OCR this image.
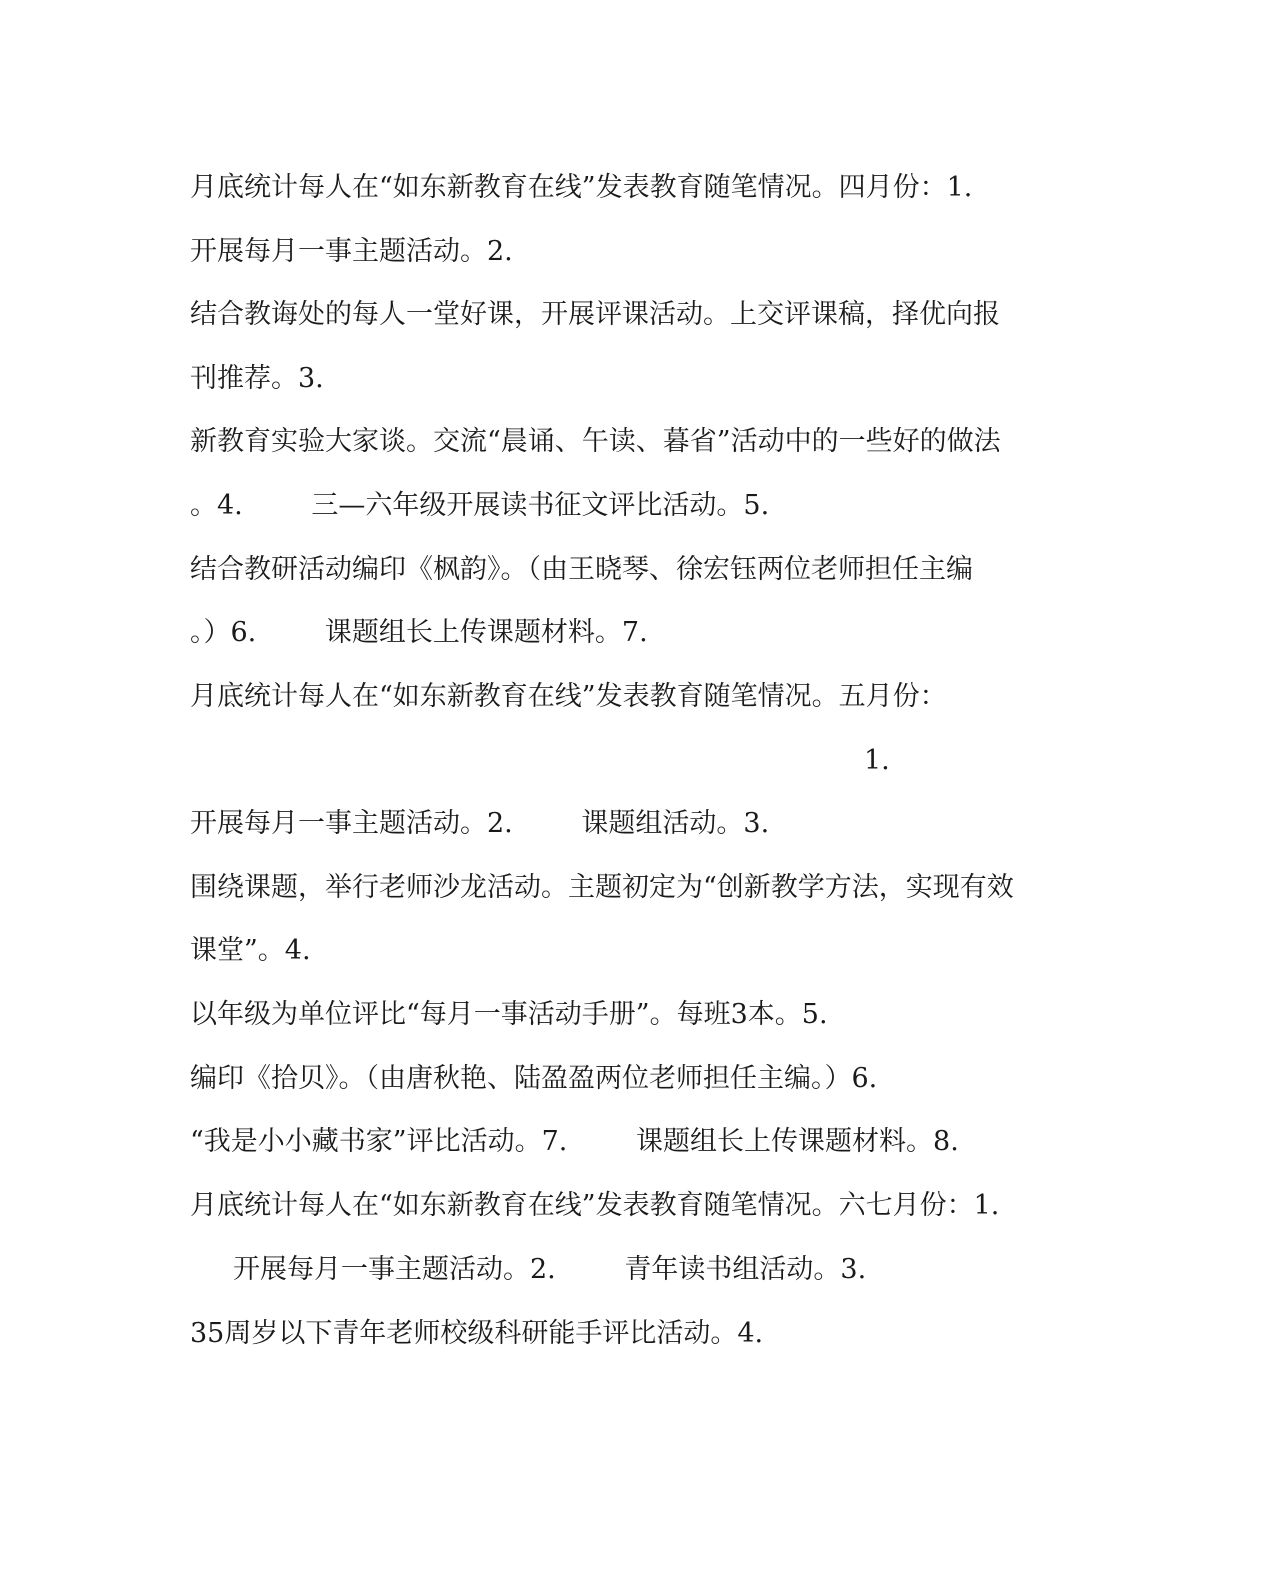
月底统计每人在“如东新教育在线”发表教育随笔情况。四月份：1.
开展每月一事主题活动。2.
结合教诲处的每人一堂好课，开展评课活动。上交评课稿，择优向报
刊推荐。3.
新教育实验大家谈。交流“晨诵、午读、暮省”活动中的一些好的做法
。4.        三—六年级开展读书征文评比活动。5.
结合教研活动编印《枫韵》。（由王晓琴、徐宏钰两位老师担任主编
。）6.        课题组长上传课题材料。7.
月底统计每人在“如东新教育在线”发表教育随笔情况。五月份：
1.
开展每月一事主题活动。2.        课题组活动。3.
围绕课题，举行老师沙龙活动。主题初定为“创新教学方法，实现有效
课堂”。4.
以年级为单位评比“每月一事活动手册”。每班3本。5.
编印《拾贝》。（由唐秋艳、陆盈盈两位老师担任主编。）6.
“我是小小藏书家”评比活动。7.        课题组长上传课题材料。8.
月底统计每人在“如东新教育在线”发表教育随笔情况。六七月份：1.
开展每月一事主题活动。2.        青年读书组活动。3.
35周岁以下青年老师校级科研能手评比活动。4.
